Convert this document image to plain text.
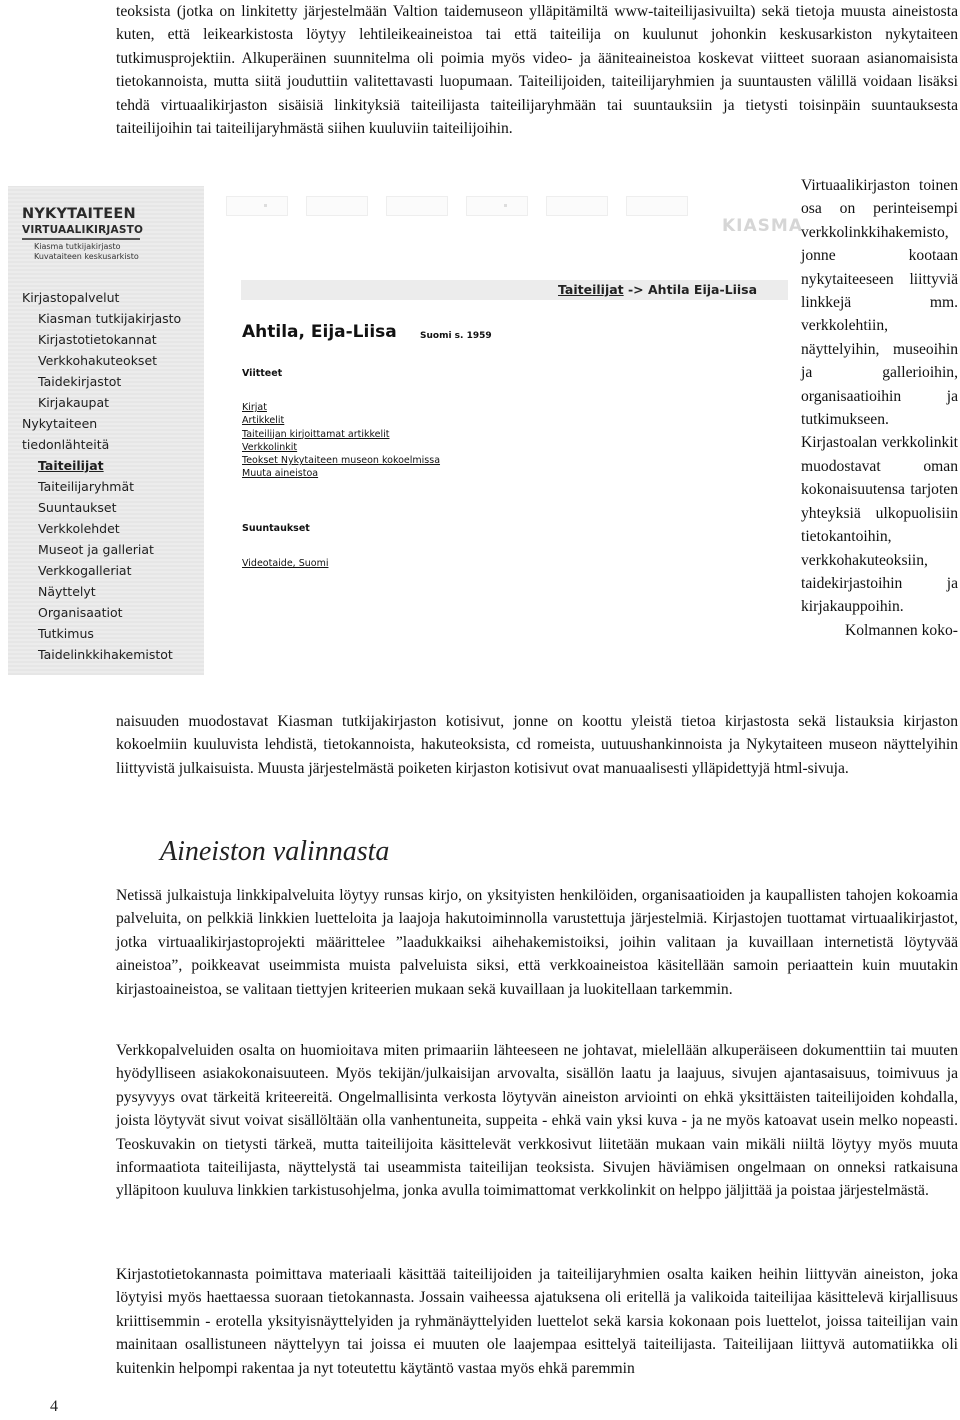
teoksista (jotka on linkitetty järjestelmään Valtion taidemuseon ylläpitämiltä www-taiteilijasivuilta) sekä tietoja muusta aineistosta kuten, että leikearkistosta löytyy lehtileikeaineistoa tai että taiteilija on kuulunut johonkin keskusarkiston nykytaiteen tutkimusprojektiin. Alkuperäinen suunnitelma oli poimia myös video- ja ääniteaineistoa koskevat viitteet suoraan asianomaisista tietokannoista, mutta siitä jouduttiin valitettavasti luopumaan. Taiteilijoiden, taiteilijaryhmien ja suuntausten välillä voidaan lisäksi tehdä virtuaalikirjaston sisäisiä linkityksiä taiteilijasta taiteilijaryhmään tai suuntauksiin ja tietysti toisinpäin suuntauksesta taiteilijoihin tai taiteilijaryhmästä siihen kuuluviin taiteilijoihin.

NYKYTAITEEN
VIRTUAALIKIRJASTO
Kiasma tutkijakirjasto
Kuvataiteen keskusarkisto
Kirjastopalvelut
Kiasman tutkijakirjasto
Kirjastotietokannat
Verkkohakuteokset
Taidekirjastot
Kirjakaupat
Nykytaiteen
tiedonlähteitä
Taiteilijat
Taiteilijaryhmät
Suuntaukset
Verkkolehdet
Museot ja galleriat
Verkkogalleriat
Näyttelyt
Organisaatiot
Tutkimus
Taidelinkkihakemistot
KIASMA
Taiteilijat -> Ahtila Eija-Liisa
Ahtila, Eija-Liisa	Suomi s. 1959
Viitteet
Kirjat
Artikkelit
Taiteilijan kirjoittamat artikkelit
Verkkolinkit
Teokset Nykytaiteen museon kokoelmissa
Muuta aineistoa
Suuntaukset
Videotaide, Suomi

Virtuaalikirjaston toinen osa on perinteisempi verkkolinkkihakemisto, jonne kootaan nykytaiteeseen liittyviä linkkejä mm. verkkolehtiin, näyttelyihin, museoihin ja gallerioihin, organisaatioihin ja tutkimukseen. Kirjastoalan verkkolinkit muodostavat oman kokonaisuutensa tarjoten yhteyksiä ulkopuolisiin tietokantoihin, verkkohakuteoksiin, taidekirjastoihin ja kirjakauppoihin.
Kolmannen koko-

naisuuden muodostavat Kiasman tutkijakirjaston kotisivut, jonne on koottu yleistä tietoa kirjastosta sekä listauksia kirjaston kokoelmiin kuuluvista lehdistä, tietokannoista, hakuteoksista, cd romeista, uutuushankinnoista ja Nykytaiteen museon näyttelyihin liittyvistä julkaisuista. Muusta järjestelmästä poiketen kirjaston kotisivut ovat manuaalisesti ylläpidettyjä html-sivuja.

Aineiston valinnasta

Netissä julkaistuja linkkipalveluita löytyy runsas kirjo, on yksityisten henkilöiden, organisaatioiden ja kaupallisten tahojen kokoamia palveluita, on pelkkiä linkkien luetteloita ja laajoja hakutoiminnolla varustettuja järjestelmiä. Kirjastojen tuottamat virtuaalikirjastot, jotka virtuaalikirjastoprojekti määrittelee ”laadukkaiksi aihehakemistoiksi, joihin valitaan ja kuvaillaan internetistä löytyvää aineistoa”, poikkeavat useimmista muista palveluista siksi, että verkkoaineistoa käsitellään samoin periaattein kuin muutakin kirjastoaineistoa, se valitaan tiettyjen kriteerien mukaan sekä kuvaillaan ja luokitellaan tarkemmin.

Verkkopalveluiden osalta on huomioitava miten primaariin lähteeseen ne johtavat, mielellään alkuperäiseen dokumenttiin tai muuten hyödylliseen asiakokonaisuuteen. Myös tekijän/julkaisijan arvovalta, sisällön laatu ja laajuus, sivujen ajantasaisuus, toimivuus ja pysyvyys ovat tärkeitä kriteereitä. Ongelmallisinta verkosta löytyvän aineiston arviointi on ehkä yksittäisten taiteilijoiden kohdalla, joista löytyvät sivut voivat sisällöltään olla vanhentuneita, suppeita - ehkä vain yksi kuva - ja ne myös katoavat usein melko nopeasti. Teoskuvakin on tietysti tärkeä, mutta taiteilijoita käsittelevät verkkosivut liitetään mukaan vain mikäli niiltä löytyy myös muuta informaatiota taiteilijasta, näyttelystä tai useammista taiteilijan teoksista. Sivujen häviämisen ongelmaan on onneksi ratkaisuna ylläpitoon kuuluva linkkien tarkistusohjelma, jonka avulla toimimattomat verkkolinkit on helppo jäljittää ja poistaa järjestelmästä.

Kirjastotietokannasta poimittava materiaali käsittää taiteilijoiden ja taiteilijaryhmien osalta kaiken heihin liittyvän aineiston, joka löytyisi myös haettaessa suoraan tietokannasta. Jossain vaiheessa ajatuksena oli eritellä ja valikoida taiteilijaa käsittelevä kirjallisuus kriittisemmin - erotella yksityisnäyttelyiden ja ryhmänäyttelyiden luettelot sekä karsia kokonaan pois luettelot, joissa taiteilijan vain mainitaan osallistuneen näyttelyyn tai joissa ei muuten ole laajempaa esittelyä taiteilijasta. Taiteilijaan liittyvä automatiikka oli kuitenkin helpompi rakentaa ja nyt toteutettu käytäntö vastaa myös ehkä paremmin

4
